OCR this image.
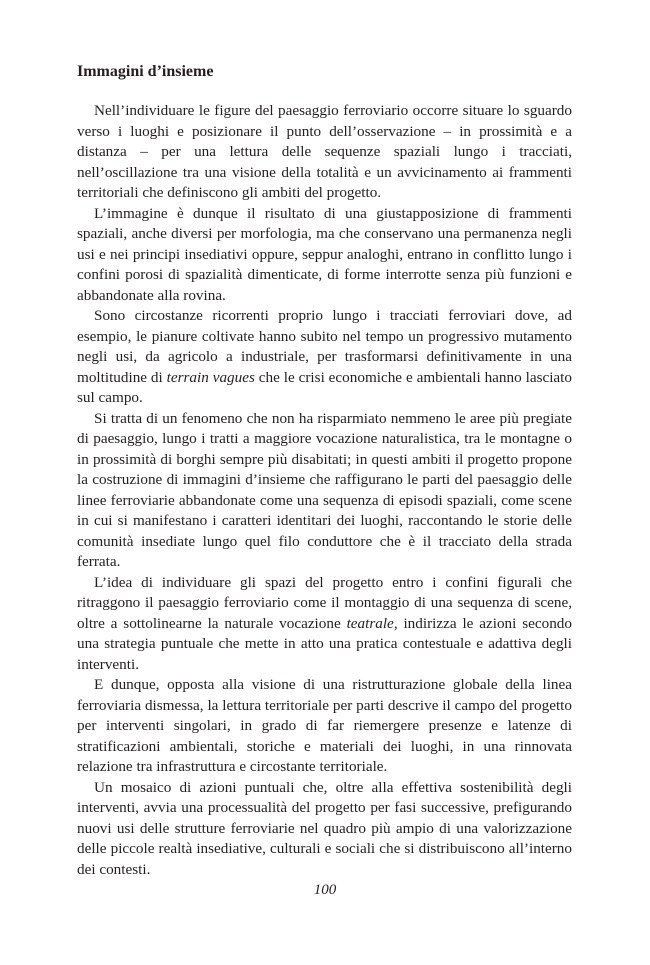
Immagini d’insieme

Nell’individuare le figure del paesaggio ferroviario occorre situare lo sguardo verso i luoghi e posizionare il punto dell’osservazione – in prossimità e a distanza – per una lettura delle sequenze spaziali lungo i tracciati, nell’oscillazione tra una visione della totalità e un avvicinamento ai frammenti territoriali che definiscono gli ambiti del progetto.

L’immagine è dunque il risultato di una giustapposizione di frammenti spaziali, anche diversi per morfologia, ma che conservano una permanenza negli usi e nei principi insediativi oppure, seppur analoghi, entrano in conflitto lungo i confini porosi di spazialità dimenticate, di forme interrotte senza più funzioni e abbandonate alla rovina.

Sono circostanze ricorrenti proprio lungo i tracciati ferroviari dove, ad esempio, le pianure coltivate hanno subito nel tempo un progressivo mutamento negli usi, da agricolo a industriale, per trasformarsi definitivamente in una moltitudine di terrain vagues che le crisi economiche e ambientali hanno lasciato sul campo.

Si tratta di un fenomeno che non ha risparmiato nemmeno le aree più pregiate di paesaggio, lungo i tratti a maggiore vocazione naturalistica, tra le montagne o in prossimità di borghi sempre più disabitati; in questi ambiti il progetto propone la costruzione di immagini d’insieme che raffigurano le parti del paesaggio delle linee ferroviarie abbandonate come una sequenza di episodi spaziali, come scene in cui si manifestano i caratteri identitari dei luoghi, raccontando le storie delle comunità insediate lungo quel filo conduttore che è il tracciato della strada ferrata.

L’idea di individuare gli spazi del progetto entro i confini figurali che ritraggono il paesaggio ferroviario come il montaggio di una sequenza di scene, oltre a sottolinearne la naturale vocazione teatrale, indirizza le azioni secondo una strategia puntuale che mette in atto una pratica contestuale e adattiva degli interventi.

E dunque, opposta alla visione di una ristrutturazione globale della linea ferroviaria dismessa, la lettura territoriale per parti descrive il campo del progetto per interventi singolari, in grado di far riemergere presenze e latenze di stratificazioni ambientali, storiche e materiali dei luoghi, in una rinnovata relazione tra infrastruttura e circostante territoriale.

Un mosaico di azioni puntuali che, oltre alla effettiva sostenibilità degli interventi, avvia una processualità del progetto per fasi successive, prefigurando nuovi usi delle strutture ferroviarie nel quadro più ampio di una valorizzazione delle piccole realtà insediative, culturali e sociali che si distribuiscono all’interno dei contesti.

100
